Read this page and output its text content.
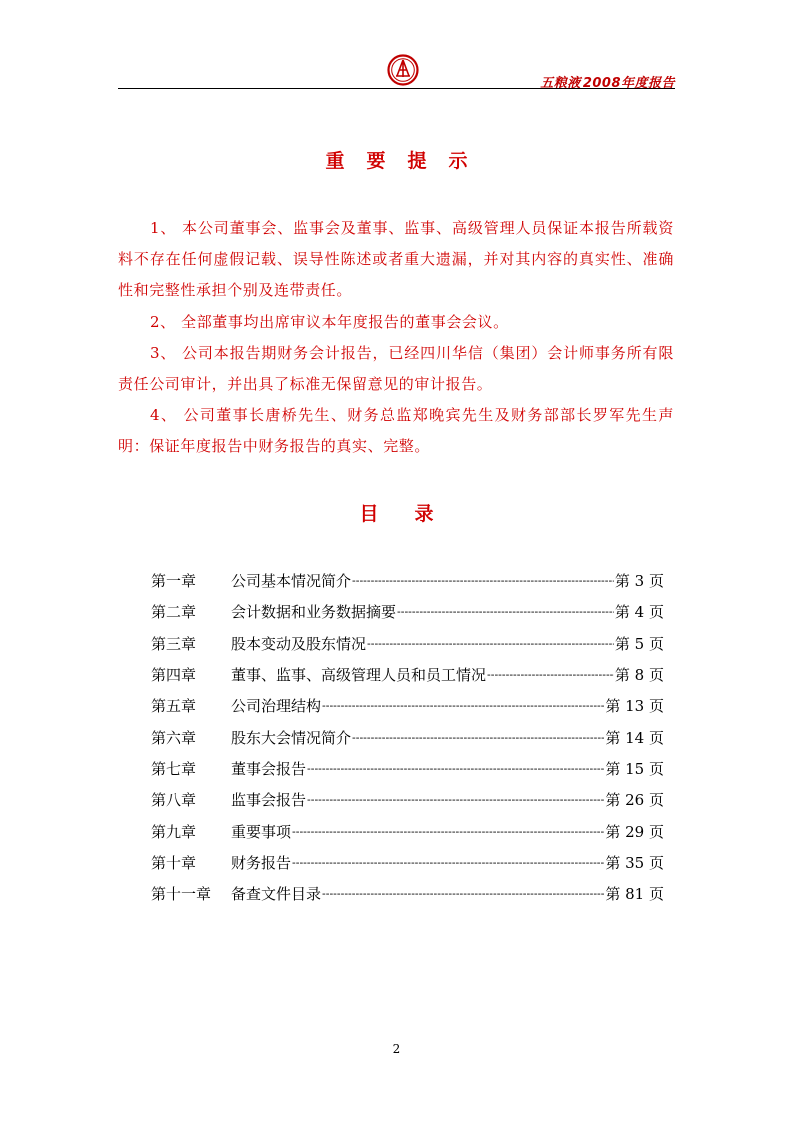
五粮液 2008年度报告
重要提示

1、 本公司董事会、监事会及董事、监事、高级管理人员保证本报告所载资料不存在任何虚假记载、误导性陈述或者重大遗漏，并对其内容的真实性、准确性和完整性承担个别及连带责任。

2、 全部董事均出席审议本年度报告的董事会会议。

3、 公司本报告期财务会计报告，已经四川华信（集团）会计师事务所有限责任公司审计，并出具了标准无保留意见的审计报告。

4、 公司董事长唐桥先生、财务总监郑晚宾先生及财务部部长罗军先生声明：保证年度报告中财务报告的真实、完整。

目录
第一章	公司基本情况简介 -----	第 3 页
第二章	会计数据和业务数据摘要 -----	第 4 页
第三章	股本变动及股东情况 -----	第 5 页
第四章	董事、监事、高级管理人员和员工情况 -----	第 8 页
第五章	公司治理结构 -----	第 13 页
第六章	股东大会情况简介 -----	第 14 页
第七章	董事会报告 -----	第 15 页
第八章	监事会报告 -----	第 26 页
第九章	重要事项 -----	第 29 页
第十章	财务报告 -----	第 35 页
第十一章	备查文件目录 -----	第 81 页
2
